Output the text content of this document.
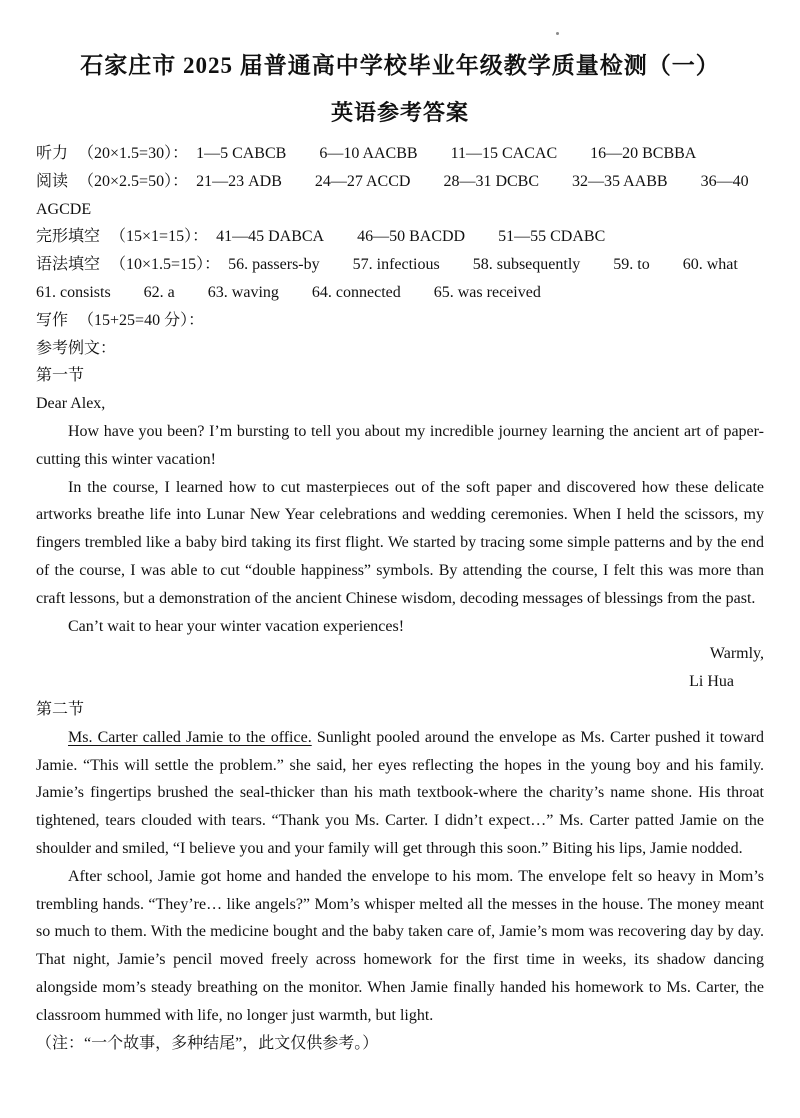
石家庄市 2025 届普通高中学校毕业年级教学质量检测（一）
英语参考答案
听力 （20×1.5=30）： 1—5 CABCB 6—10 AACBB 11—15 CACAC 16—20 BCBBA
阅读 （20×2.5=50）： 21—23 ADB 24—27 ACCD 28—31 DCBC 32—35 AABB 36—40
AGCDE
完形填空 （15×1=15）： 41—45 DABCA 46—50 BACDD 51—55 CDABC
语法填空 （10×1.5=15）： 56. passers-by 57. infectious 58. subsequently 59. to 60. what
61. consists 62. a 63. waving 64. connected 65. was received
写作 （15+25=40 分）：
参考例文：
第一节
Dear Alex,

How have you been? I’m bursting to tell you about my incredible journey learning the ancient art of paper-cutting this winter vacation!

In the course, I learned how to cut masterpieces out of the soft paper and discovered how these delicate artworks breathe life into Lunar New Year celebrations and wedding ceremonies. When I held the scissors, my fingers trembled like a baby bird taking its first flight. We started by tracing some simple patterns and by the end of the course, I was able to cut “double happiness” symbols. By attending the course, I felt this was more than craft lessons, but a demonstration of the ancient Chinese wisdom, decoding messages of blessings from the past.

Can’t wait to hear your winter vacation experiences!

Warmly,
Li Hua
第二节

Ms. Carter called Jamie to the office. Sunlight pooled around the envelope as Ms. Carter pushed it toward Jamie. “This will settle the problem.” she said, her eyes reflecting the hopes in the young boy and his family. Jamie’s fingertips brushed the seal-thicker than his math textbook-where the charity’s name shone. His throat tightened, tears clouded with tears. “Thank you Ms. Carter. I didn’t expect…” Ms. Carter patted Jamie on the shoulder and smiled, “I believe you and your family will get through this soon.” Biting his lips, Jamie nodded.

After school, Jamie got home and handed the envelope to his mom. The envelope felt so heavy in Mom’s trembling hands. “They’re… like angels?” Mom’s whisper melted all the messes in the house. The money meant so much to them. With the medicine bought and the baby taken care of, Jamie’s mom was recovering day by day. That night, Jamie’s pencil moved freely across homework for the first time in weeks, its shadow dancing alongside mom’s steady breathing on the monitor. When Jamie finally handed his homework to Ms. Carter, the classroom hummed with life, no longer just warmth, but light.

（注：“一个故事，多种结尾”，此文仅供参考。）
